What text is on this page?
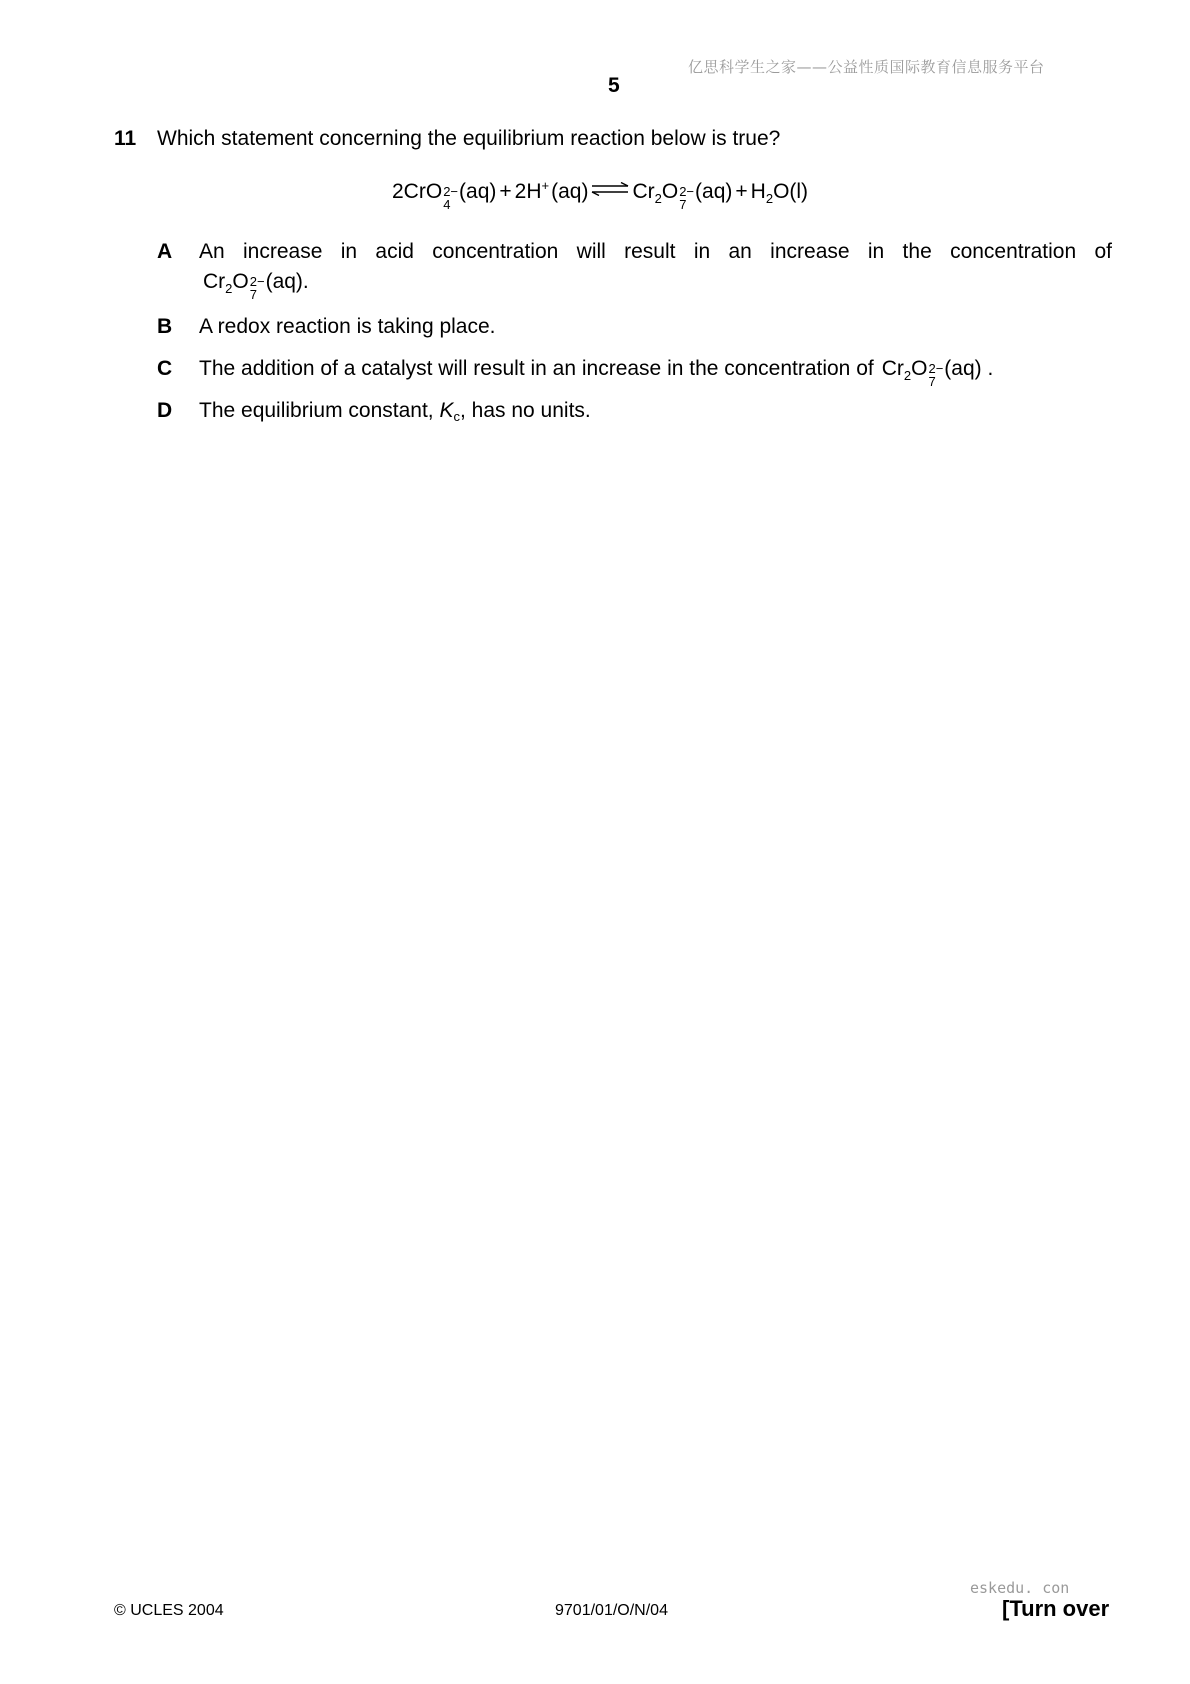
亿思科学生之家——公益性质国际教育信息服务平台
5
11 Which statement concerning the equilibrium reaction below is true?
2CrO 2−
4
(aq) + 2H + (aq) ⇌ Cr 2 O 2−
7
(aq) + H 2 O(l)
A An increase in acid concentration will result in an increase in the concentration of
Cr 2 O 2−
7
(aq).
B A redox reaction is taking place.
C The addition of a catalyst will result in an increase in the concentration of Cr 2 O 2−
7
(aq) .
D The equilibrium constant, Kc, has no units.
eskedu. con
© UCLES 2004	9701/01/O/N/04	[Turn over
